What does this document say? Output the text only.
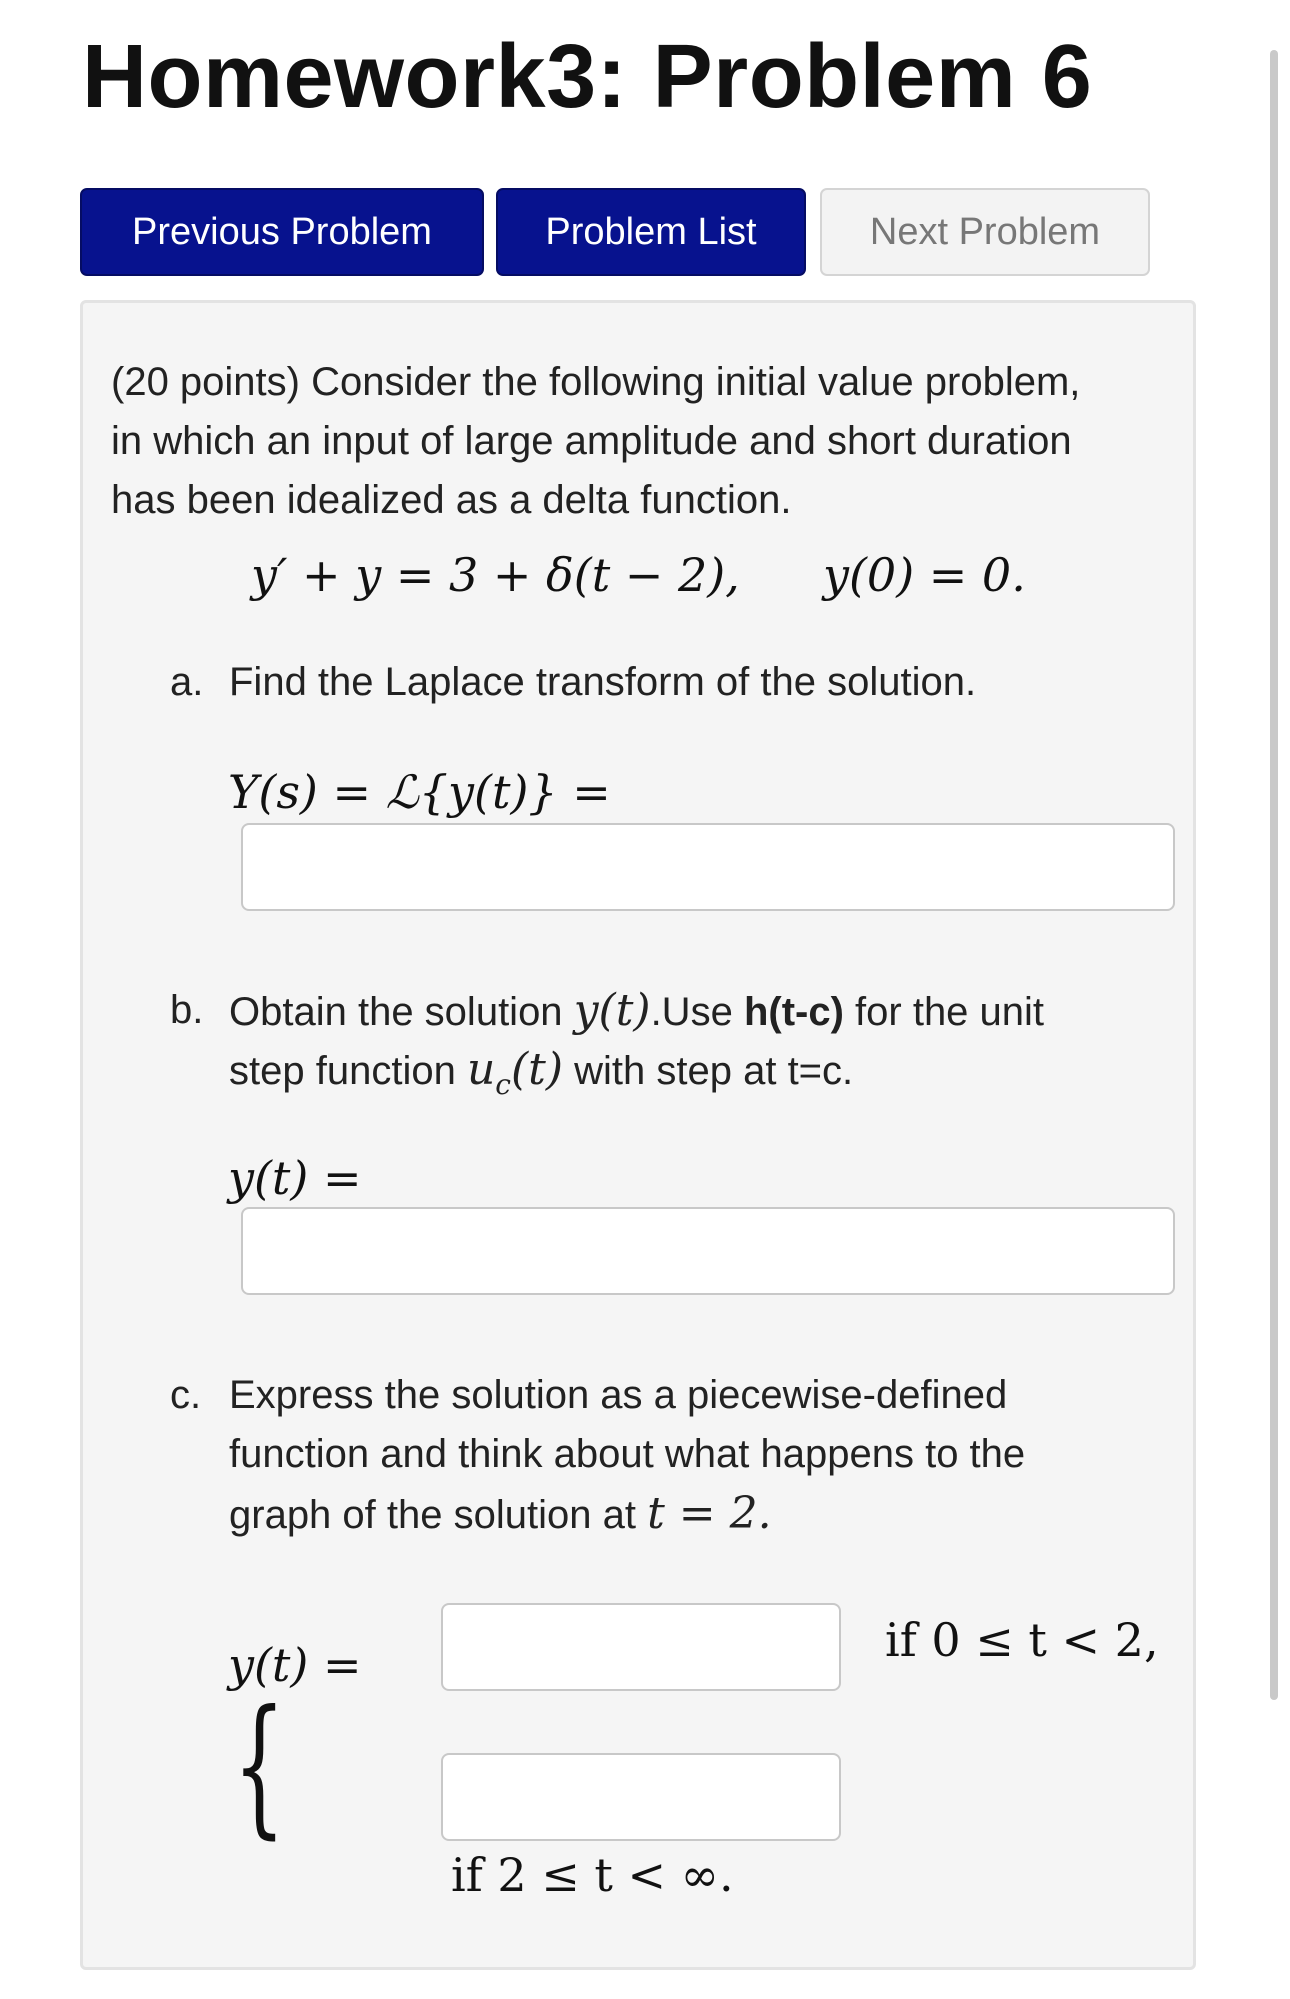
Homework3: Problem 6
Previous Problem	Problem List	Next Problem
(20 points) Consider the following initial value problem,
in which an input of large amplitude and short duration
has been idealized as a delta function.
y′ + y = 3 + δ(t − 2), y(0) = 0.
a. Find the Laplace transform of the solution.
Y(s) = ℒ{y(t)} =
b. Obtain the solution y(t).Use h(t-c) for the unit
step function $u_c(t)$ with step at t=c.
y(t) =
c. Express the solution as a piecewise-defined
function and think about what happens to the
graph of the solution at t = 2.
y(t) =
{
if 0 ≤ t < 2,
if 2 ≤ t < ∞.
